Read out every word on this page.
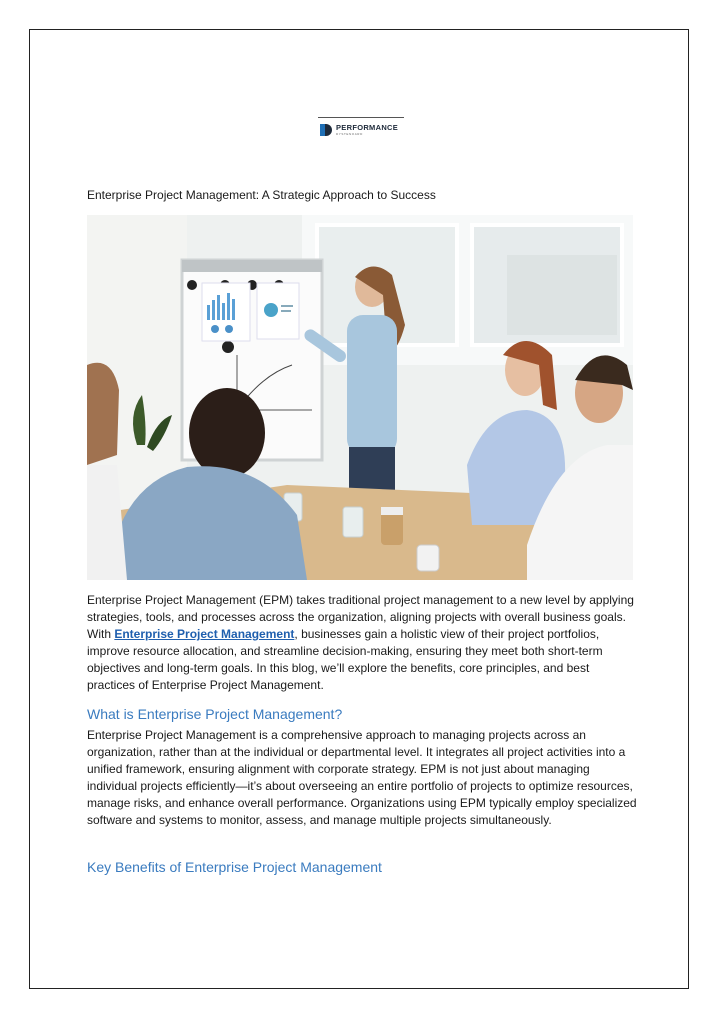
PERFORMANCE
DYSTENOARD
Enterprise Project Management: A Strategic Approach to Success
Enterprise Project Management (EPM) takes traditional project management to a new level by applying strategies, tools, and processes across the organization, aligning projects with overall business goals. With Enterprise Project Management, businesses gain a holistic view of their project portfolios, improve resource allocation, and streamline decision-making, ensuring they meet both short-term objectives and long-term goals. In this blog, we’ll explore the benefits, core principles, and best practices of Enterprise Project Management.
What is Enterprise Project Management?
Enterprise Project Management is a comprehensive approach to managing projects across an organization, rather than at the individual or departmental level. It integrates all project activities into a unified framework, ensuring alignment with corporate strategy. EPM is not just about managing individual projects efficiently—it’s about overseeing an entire portfolio of projects to optimize resources, manage risks, and enhance overall performance. Organizations using EPM typically employ specialized software and systems to monitor, assess, and manage multiple projects simultaneously.
Key Benefits of Enterprise Project Management
